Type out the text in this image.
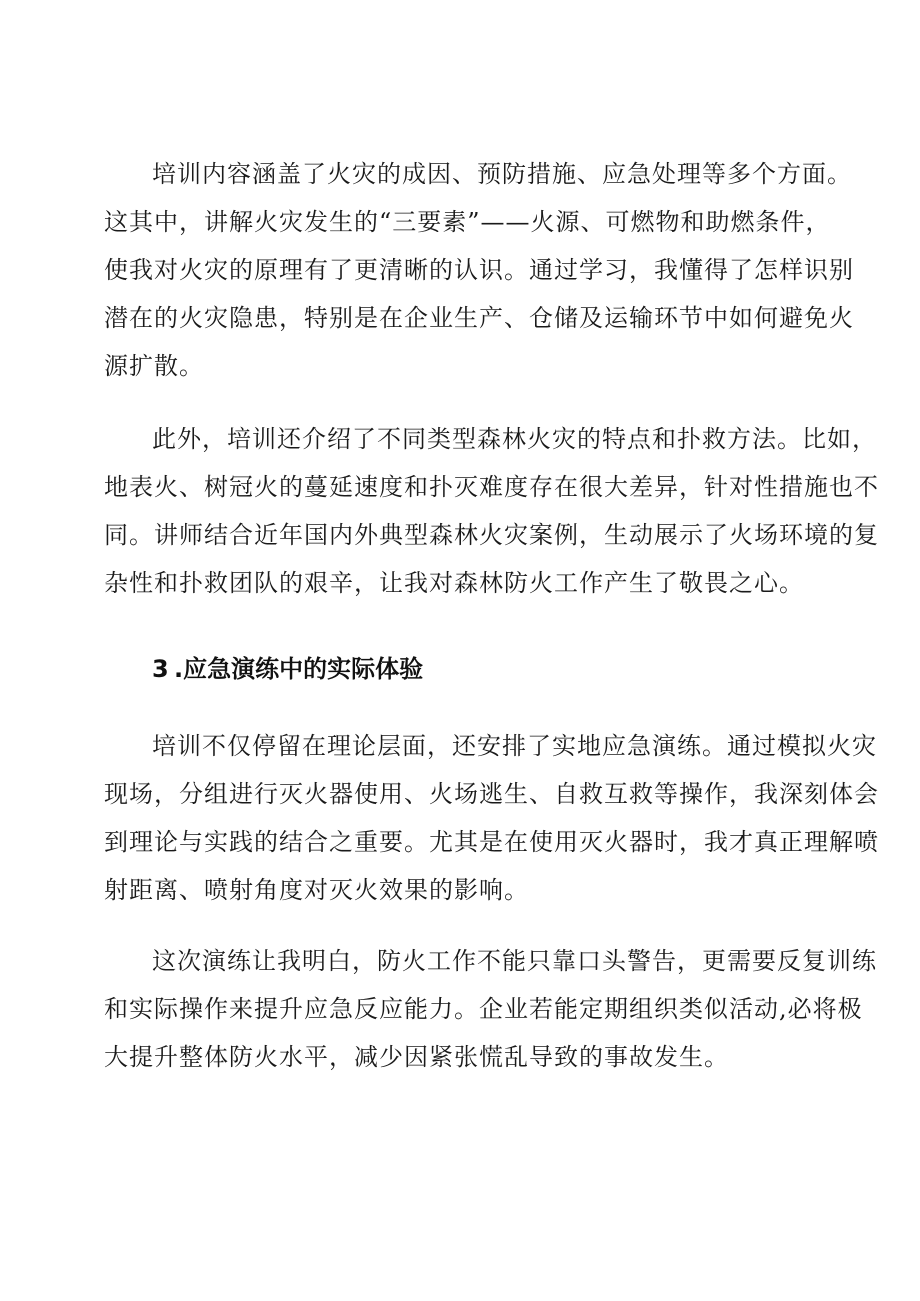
培训内容涵盖了火灾的成因、预防措施、应急处理等多个方面。
这其中，讲解火灾发生的“三要素”——火源、可燃物和助燃条件，
使我对火灾的原理有了更清晰的认识。通过学习，我懂得了怎样识别
潜在的火灾隐患，特别是在企业生产、仓储及运输环节中如何避免火
源扩散。
此外，培训还介绍了不同类型森林火灾的特点和扑救方法。比如，
地表火、树冠火的蔓延速度和扑灭难度存在很大差异，针对性措施也不
同。讲师结合近年国内外典型森林火灾案例，生动展示了火场环境的复
杂性和扑救团队的艰辛，让我对森林防火工作产生了敬畏之心。
3 .应急演练中的实际体验
培训不仅停留在理论层面，还安排了实地应急演练。通过模拟火灾
现场，分组进行灭火器使用、火场逃生、自救互救等操作，我深刻体会
到理论与实践的结合之重要。尤其是在使用灭火器时，我才真正理解喷
射距离、喷射角度对灭火效果的影响。
这次演练让我明白，防火工作不能只靠口头警告，更需要反复训练
和实际操作来提升应急反应能力。企业若能定期组织类似活动,必将极
大提升整体防火水平，减少因紧张慌乱导致的事故发生。
